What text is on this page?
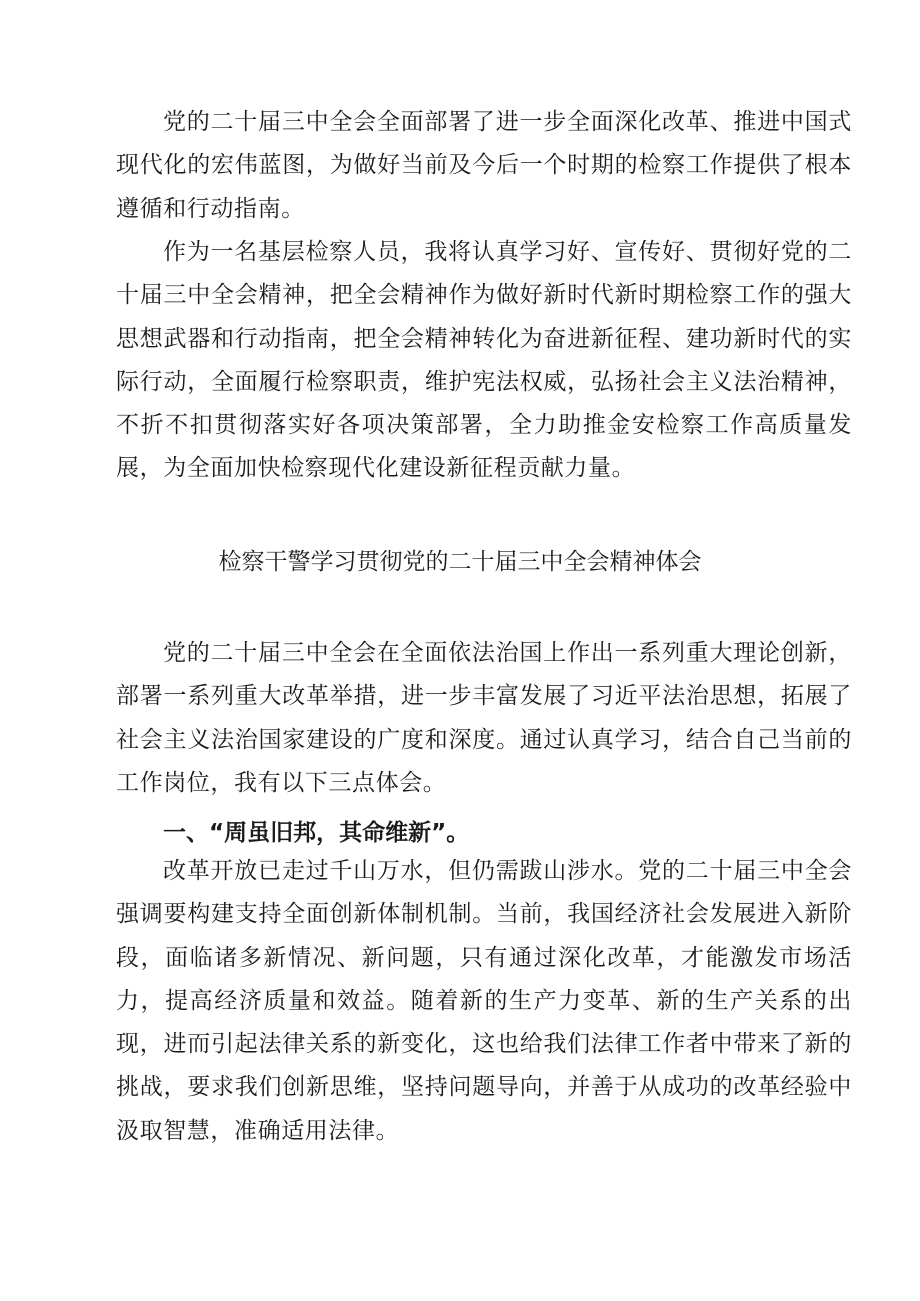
党的二十届三中全会全面部署了进一步全面深化改革、推进中国式现代化的宏伟蓝图，为做好当前及今后一个时期的检察工作提供了根本遵循和行动指南。

作为一名基层检察人员，我将认真学习好、宣传好、贯彻好党的二十届三中全会精神，把全会精神作为做好新时代新时期检察工作的强大思想武器和行动指南，把全会精神转化为奋进新征程、建功新时代的实际行动，全面履行检察职责，维护宪法权威，弘扬社会主义法治精神，不折不扣贯彻落实好各项决策部署，全力助推金安检察工作高质量发展，为全面加快检察现代化建设新征程贡献力量。

检察干警学习贯彻党的二十届三中全会精神体会

党的二十届三中全会在全面依法治国上作出一系列重大理论创新，部署一系列重大改革举措，进一步丰富发展了习近平法治思想，拓展了社会主义法治国家建设的广度和深度。通过认真学习，结合自己当前的工作岗位，我有以下三点体会。

一、“周虽旧邦，其命维新”。

改革开放已走过千山万水，但仍需跋山涉水。党的二十届三中全会强调要构建支持全面创新体制机制。当前，我国经济社会发展进入新阶段，面临诸多新情况、新问题，只有通过深化改革，才能激发市场活力，提高经济质量和效益。随着新的生产力变革、新的生产关系的出现，进而引起法律关系的新变化，这也给我们法律工作者中带来了新的挑战，要求我们创新思维，坚持问题导向，并善于从成功的改革经验中汲取智慧，准确适用法律。
